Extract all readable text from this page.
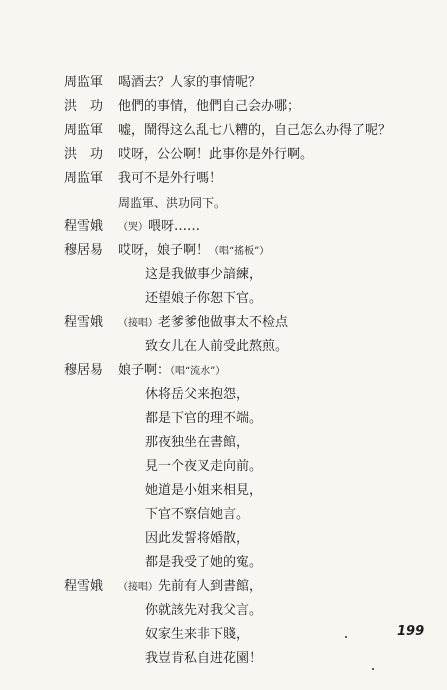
周监軍 喝酒去？人家的事情呢？
洪　功 他們的事情，他們自己会办哪；
周监軍 嘘，鬧得这么乱七八糟的，自己怎么办得了呢？
洪　功 哎呀，公公啊！此事你是外行啊。
周监軍 我可不是外行嗎！
周监軍、洪功同下。
程雪娥 （哭）喂呀……
穆居易 哎呀，娘子啊！（唱“搖板”）
这是我做事少諳練，
还望娘子你恕下官。
程雪娥 （接唱）老爹爹他做事太不检点
致女儿在人前受此熬煎。
穆居易 娘子啊：（唱“流水”）
休将岳父来抱怨，
都是下官的理不端。
那夜独坐在書館，
見一个夜叉走向前。
她道是小姐来相見，
下官不察信她言。
因此发誓将婚散，
都是我受了她的寃。
程雪娥 （接唱）先前有人到書館，
你就該先对我父言。
奴家生来非下賤，
我豈肯私自进花園！
199
